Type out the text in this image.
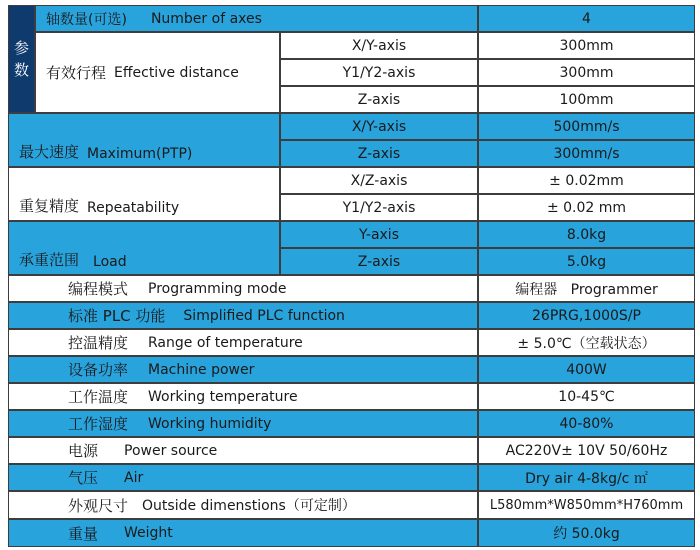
参
数
轴数量(可选) Number of axes	4
有效行程 Effective distance
X/Y-axis	300mm
Y1/Y2-axis	300mm
Z-axis	100mm
最大速度 Maximum(PTP)
X/Y-axis	500mm/s
Z-axis	300mm/s
重复精度 Repeatability
X/Z-axis	± 0.02mm
Y1/Y2-axis	± 0.02 mm
承重范围 Load
Y-axis	8.0kg
Z-axis	5.0kg
编程模式 Programming mode	编程器   Programmer
标准 PLC 功能 Simplified PLC function	26PRG,1000S/P
控温精度 Range of temperature	± 5.0℃（空载状态）
设备功率 Machine power	400W
工作温度 Working temperature	10-45℃
工作湿度 Working humidity	40-80%
电源 Power source	AC220V± 10V 50/60Hz
气压 Air	Dry air 4-8kg/c ㎡
外观尺寸 Outside dimenstions（可定制）	L580mm*W850mm*H760mm
重量 Weight	约 50.0kg
